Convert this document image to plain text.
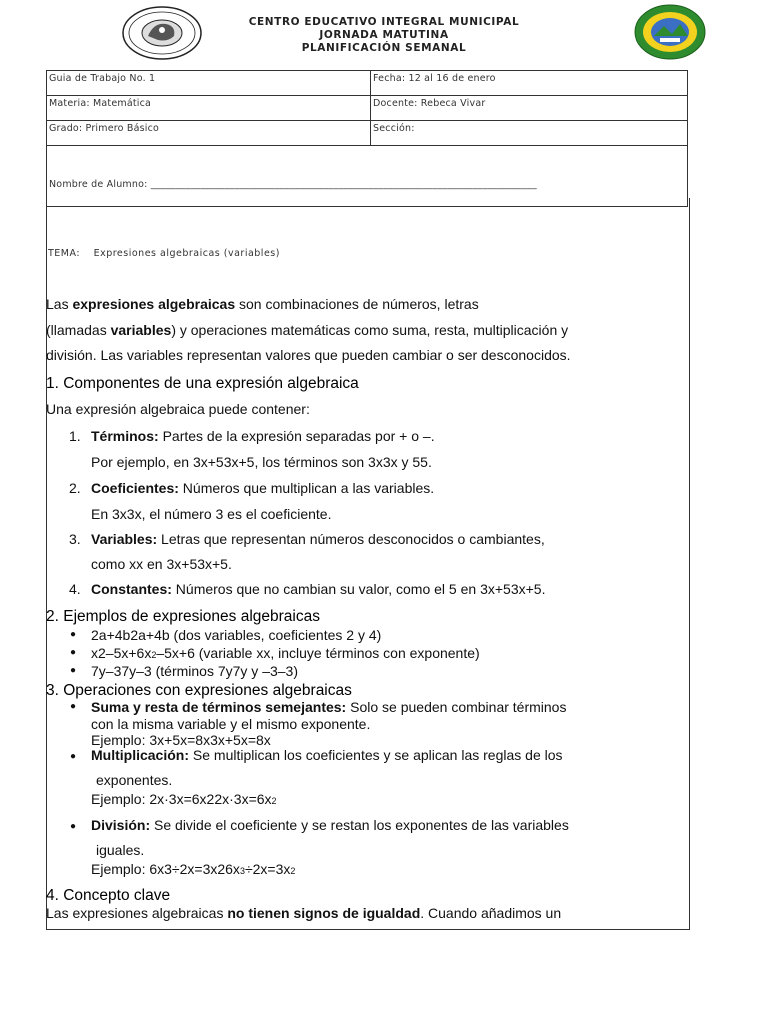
CENTRO EDUCATIVO INTEGRAL MUNICIPAL
JORNADA MATUTINA
PLANIFICACIÓN SEMANAL
Guia de Trabajo No. 1	Fecha: 12 al 16 de enero
Materia: Matemática	Docente: Rebeca Vivar
Grado: Primero Básico	Sección:
Nombre de Alumno: ______________________________________________________________________________	
TEMA: Expresiones algebraicas (variables)
Las expresiones algebraicas son combinaciones de números, letras
(llamadas variables) y operaciones matemáticas como suma, resta, multiplicación y
división. Las variables representan valores que pueden cambiar o ser desconocidos.
1. Componentes de una expresión algebraica
Una expresión algebraica puede contener:
1. Términos: Partes de la expresión separadas por + o –.
Por ejemplo, en 3x+53x+5, los términos son 3x3x y 55.
2. Coeficientes: Números que multiplican a las variables.
En 3x3x, el número 3 es el coeficiente.
3. Variables: Letras que representan números desconocidos o cambiantes,
como xx en 3x+53x+5.
4. Constantes: Números que no cambian su valor, como el 5 en 3x+53x+5.
2. Ejemplos de expresiones algebraicas
● 2a+4b2a+4b (dos variables, coeficientes 2 y 4)
● x2–5x+6x2–5x+6 (variable xx, incluye términos con exponente)
● 7y–37y–3 (términos 7y7y y –3–3)
3. Operaciones con expresiones algebraicas
● Suma y resta de términos semejantes: Solo se pueden combinar términos
con la misma variable y el mismo exponente.
Ejemplo: 3x+5x=8x3x+5x=8x
● Multiplicación: Se multiplican los coeficientes y se aplican las reglas de los
exponentes.
Ejemplo: 2x·3x=6x22x·3x=6x2
● División: Se divide el coeficiente y se restan los exponentes de las variables
iguales.
Ejemplo: 6x3÷2x=3x26x3÷2x=3x2
4. Concepto clave
Las expresiones algebraicas no tienen signos de igualdad. Cuando añadimos un
